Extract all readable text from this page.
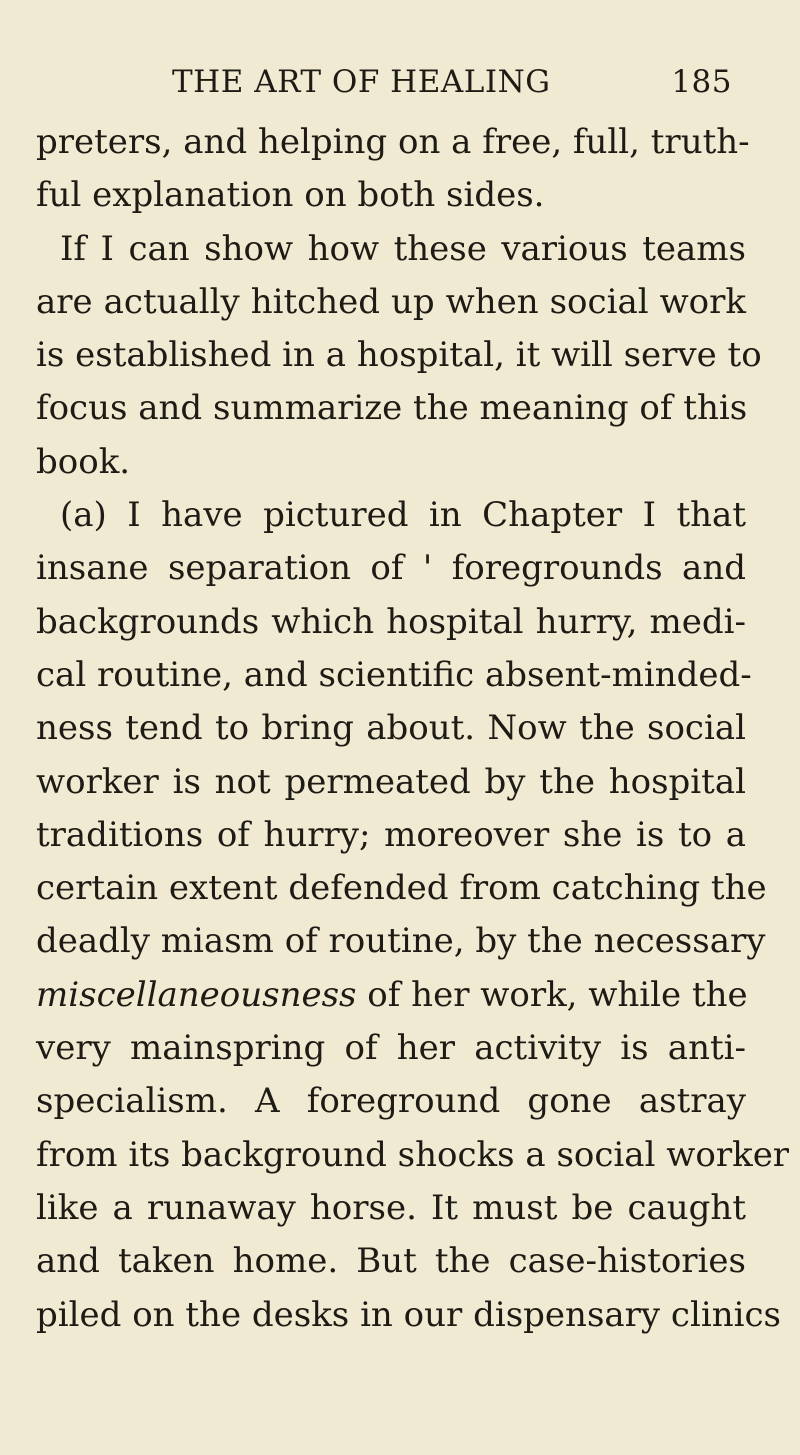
THE ART OF HEALING	185
preters, and helping on a free, full, truth-
ful explanation on both sides.
If I can show how these various teams
are actually hitched up when social work
is established in a hospital, it will serve to
focus and summarize the meaning of this
book.
(a) I have pictured in Chapter I that
insane separation of ' foregrounds and
backgrounds which hospital hurry, medi-
cal routine, and scientific absent-minded-
ness tend to bring about. Now the social
worker is not permeated by the hospital
traditions of hurry; moreover she is to a
certain extent defended from catching the
deadly miasm of routine, by the necessary
miscellaneousness of her work, while the
very mainspring of her activity is anti-
specialism. A foreground gone astray
from its background shocks a social worker
like a runaway horse. It must be caught
and taken home. But the case-histories
piled on the desks in our dispensary clinics
